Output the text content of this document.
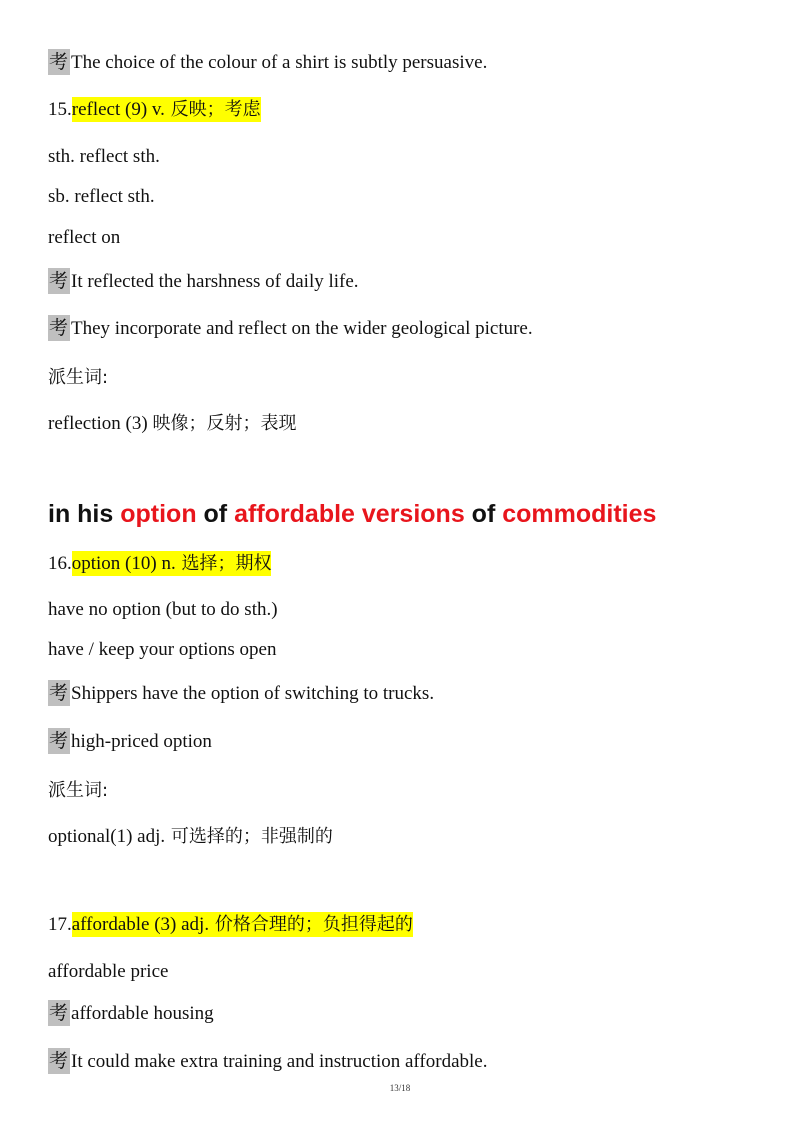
考 The choice of the colour of a shirt is subtly persuasive.
15.reflect (9) v. 反映；考虑
sth. reflect sth.
sb. reflect sth.
reflect on
考 It reflected the harshness of daily life.
考 They incorporate and reflect on the wider geological picture.
派生词:
reflection (3) 映像；反射；表现
in his option of affordable versions of commodities
16.option (10) n. 选择；期权
have no option (but to do sth.)
have / keep your options open
考 Shippers have the option of switching to trucks.
考 high-priced option
派生词:
optional(1) adj. 可选择的；非强制的
17.affordable (3) adj. 价格合理的；负担得起的
affordable price
考 affordable housing
考 It could make extra training and instruction affordable.
13/18
